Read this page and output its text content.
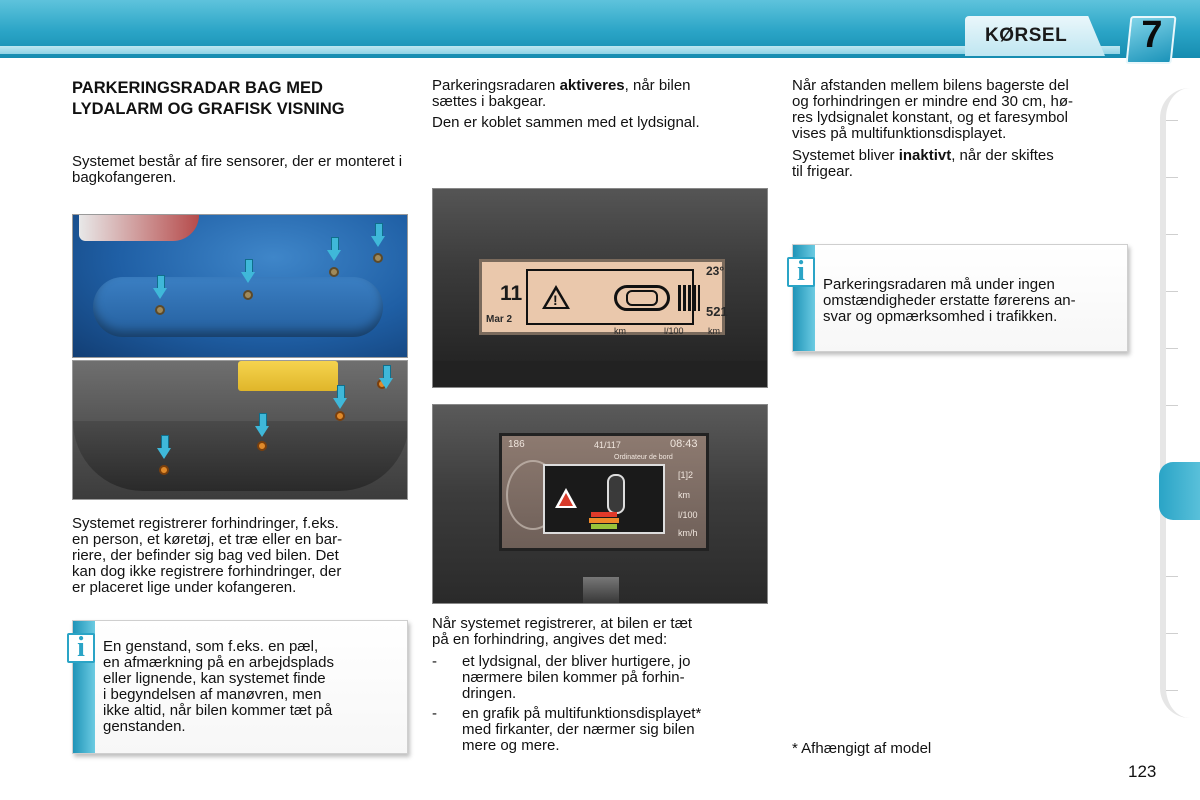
KØRSEL	7
PARKERINGSRADAR BAG MED LYDALARM OG GRAFISK VISNING
Systemet består af fire sensorer, der er monteret i bagkofangeren.
Systemet registrerer forhindringer, f.eks.
en person, et køretøj, et træ eller en bar-
riere, der befinder sig bag ved bilen. Det
kan dog ikke registrere forhindringer, der
er placeret lige under kofangeren.
i	En genstand, som f.eks. en pæl,
en afmærkning på en arbejdsplads
eller lignende, kan systemet finde
i begyndelsen af manøvren, men
ikke altid, når bilen kommer tæt på
genstanden.
Parkeringsradaren aktiveres, når bilen
sættes i bakgear.
Den er koblet sammen med et lydsignal.
11
Mar 2
23°
521
km	l/100	km
!
186	41/117	08:43
Ordinateur de bord
[1]2
km
l/100
km/h
Når systemet registrerer, at bilen er tæt
på en forhindring, angives det med:
- et lydsignal, der bliver hurtigere, jo
nærmere bilen kommer på forhin-
dringen.
- en grafik på multifunktionsdisplayet*
med firkanter, der nærmer sig bilen
mere og mere.
Når afstanden mellem bilens bagerste del
og forhindringen er mindre end 30 cm, hø-
res lydsignalet konstant, og et faresymbol
vises på multifunktionsdisplayet.
Systemet bliver inaktivt, når der skiftes
til frigear.
i	Parkeringsradaren må under ingen
omstændigheder erstatte førerens an-
svar og opmærksomhed i trafikken.
* Afhængigt af model
123
